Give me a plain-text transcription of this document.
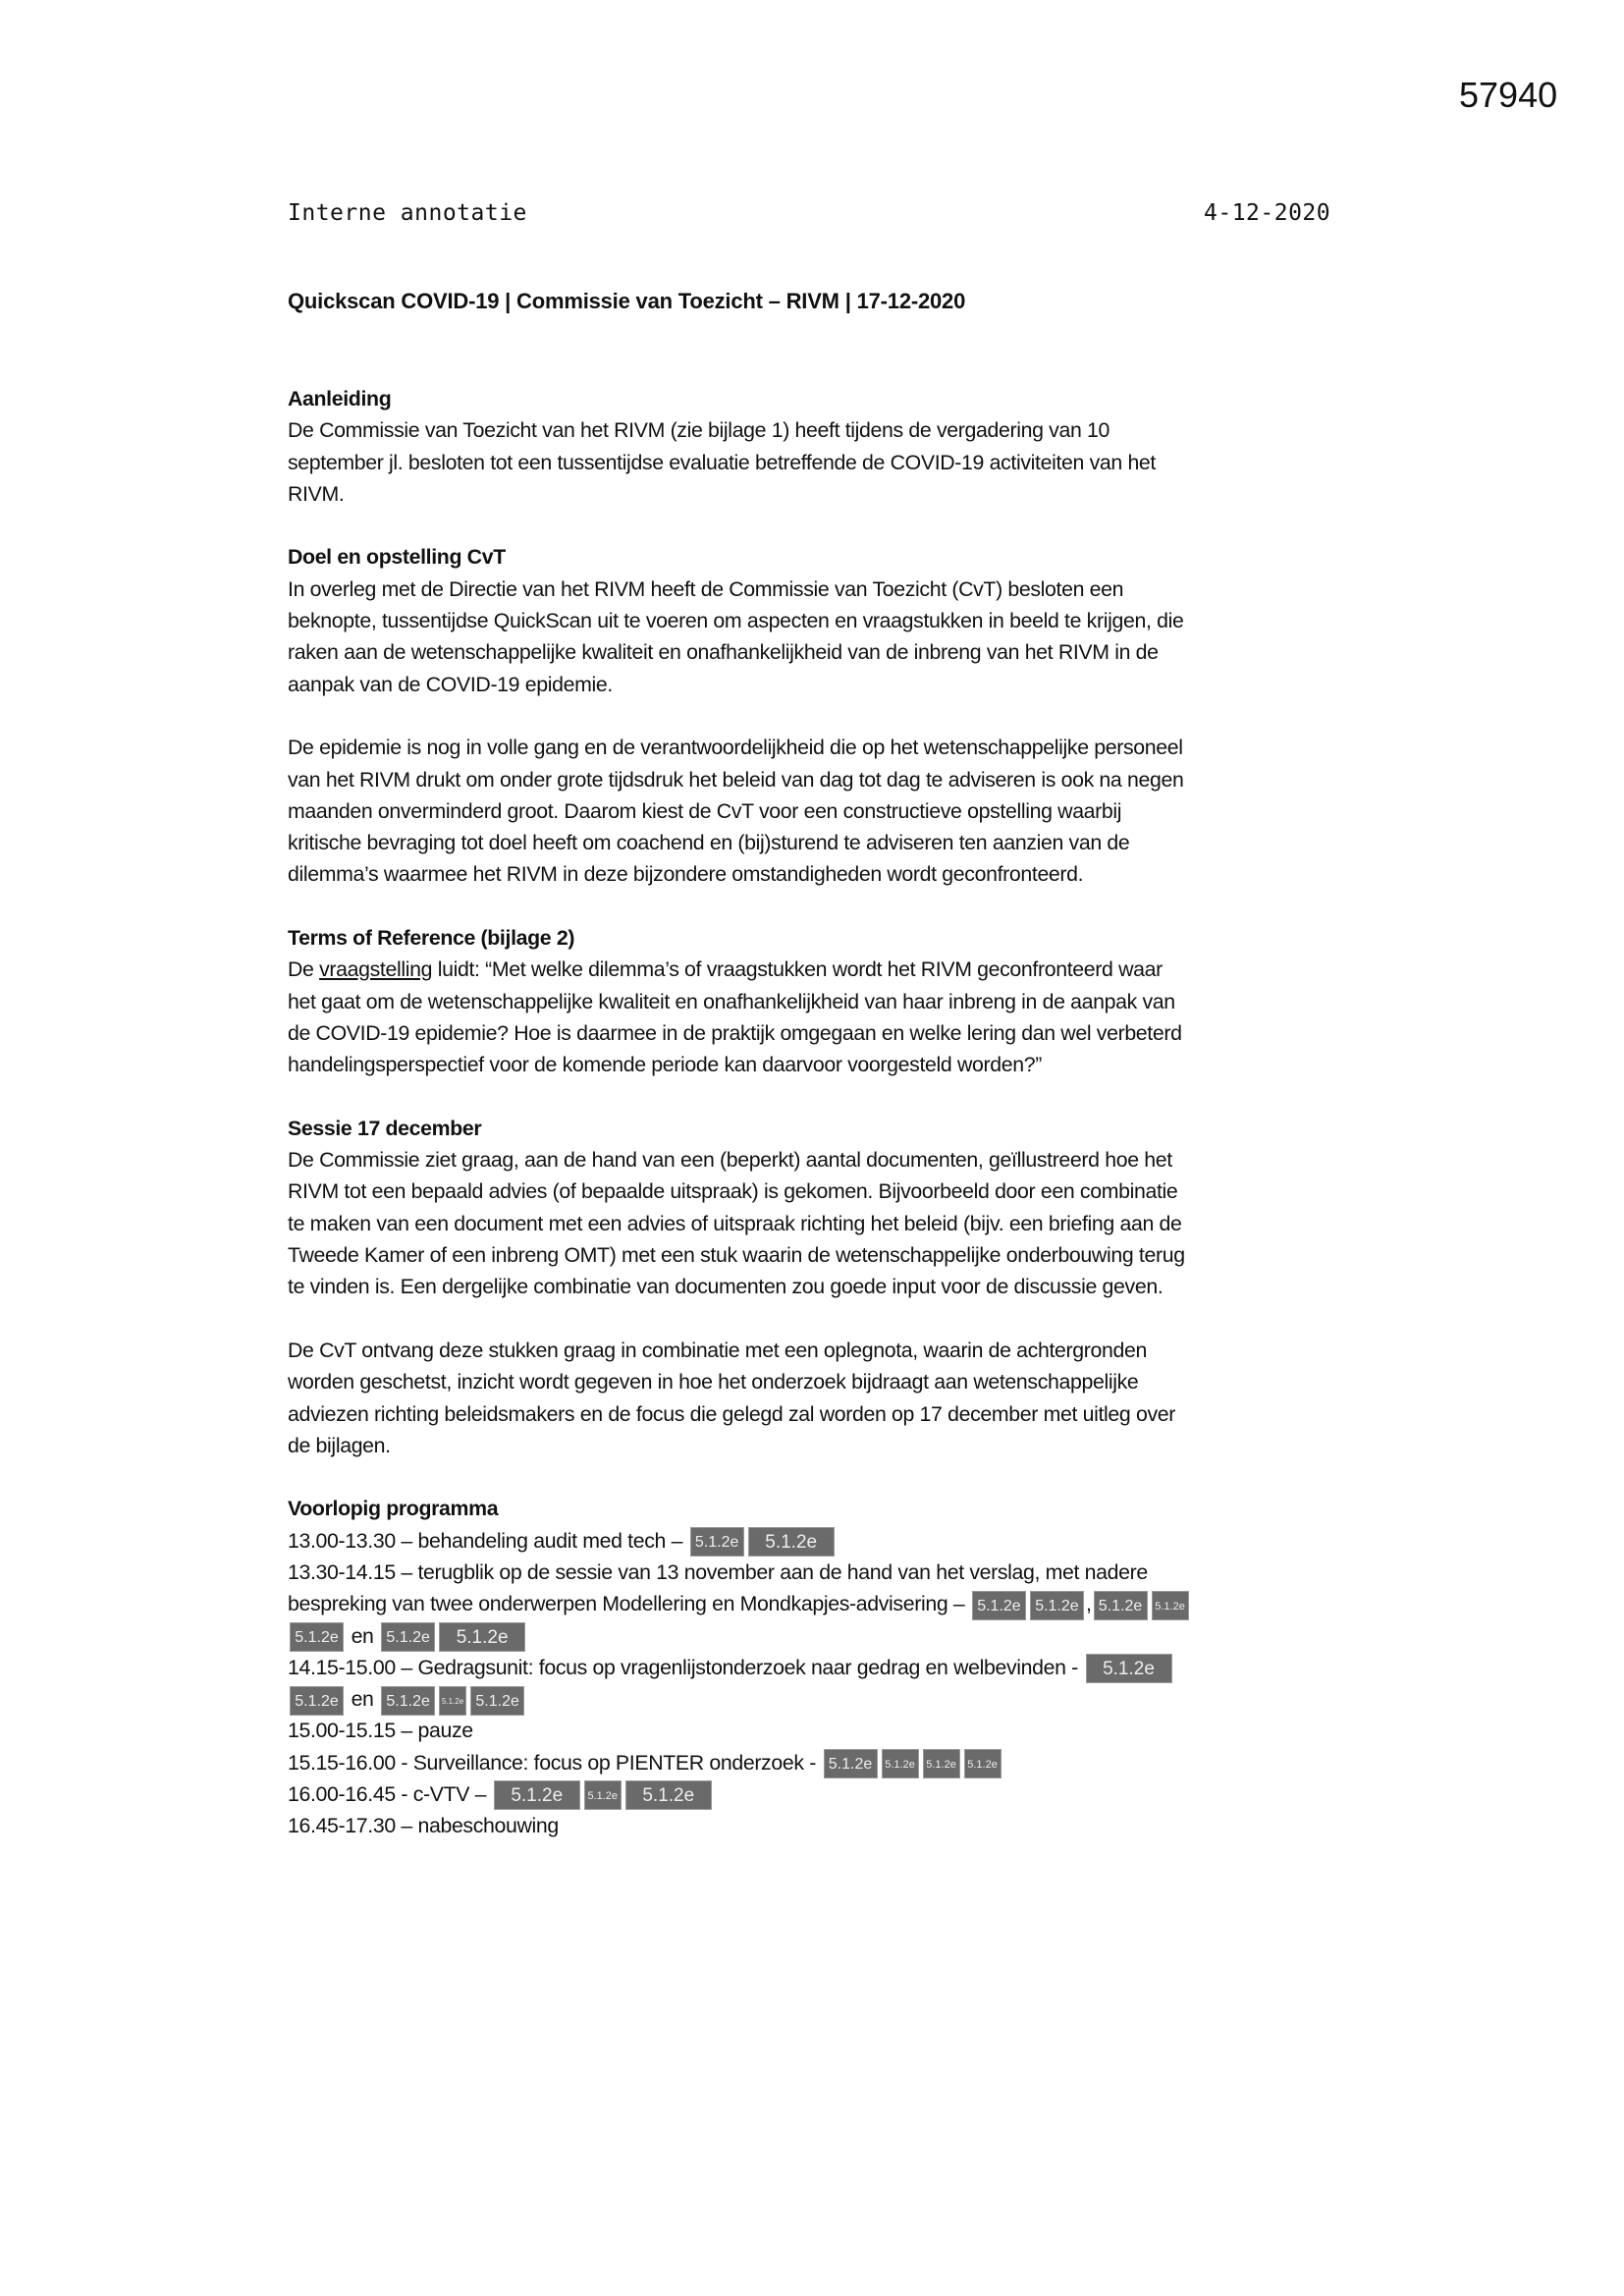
57940
Interne annotatie	4-12-2020
Quickscan COVID-19 | Commissie van Toezicht – RIVM | 17-12-2020
Aanleiding
De Commissie van Toezicht van het RIVM (zie bijlage 1) heeft tijdens de vergadering van 10
september jl. besloten tot een tussentijdse evaluatie betreffende de COVID-19 activiteiten van het
RIVM.
Doel en opstelling CvT
In overleg met de Directie van het RIVM heeft de Commissie van Toezicht (CvT) besloten een
beknopte, tussentijdse QuickScan uit te voeren om aspecten en vraagstukken in beeld te krijgen, die
raken aan de wetenschappelijke kwaliteit en onafhankelijkheid van de inbreng van het RIVM in de
aanpak van de COVID-19 epidemie.
De epidemie is nog in volle gang en de verantwoordelijkheid die op het wetenschappelijke personeel
van het RIVM drukt om onder grote tijdsdruk het beleid van dag tot dag te adviseren is ook na negen
maanden onverminderd groot. Daarom kiest de CvT voor een constructieve opstelling waarbij
kritische bevraging tot doel heeft om coachend en (bij)sturend te adviseren ten aanzien van de
dilemma’s waarmee het RIVM in deze bijzondere omstandigheden wordt geconfronteerd.
Terms of Reference (bijlage 2)
De vraagstelling luidt: “Met welke dilemma’s of vraagstukken wordt het RIVM geconfronteerd waar
het gaat om de wetenschappelijke kwaliteit en onafhankelijkheid van haar inbreng in de aanpak van
de COVID-19 epidemie? Hoe is daarmee in de praktijk omgegaan en welke lering dan wel verbeterd
handelingsperspectief voor de komende periode kan daarvoor voorgesteld worden?”
Sessie 17 december
De Commissie ziet graag, aan de hand van een (beperkt) aantal documenten, geïllustreerd hoe het
RIVM tot een bepaald advies (of bepaalde uitspraak) is gekomen. Bijvoorbeeld door een combinatie
te maken van een document met een advies of uitspraak richting het beleid (bijv. een briefing aan de
Tweede Kamer of een inbreng OMT) met een stuk waarin de wetenschappelijke onderbouwing terug
te vinden is. Een dergelijke combinatie van documenten zou goede input voor de discussie geven.
De CvT ontvang deze stukken graag in combinatie met een oplegnota, waarin de achtergronden
worden geschetst, inzicht wordt gegeven in hoe het onderzoek bijdraagt aan wetenschappelijke
adviezen richting beleidsmakers en de focus die gelegd zal worden op 17 december met uitleg over
de bijlagen.
Voorlopig programma
13.00-13.30 – behandeling audit med tech – 5.1.2e 5.1.2e
13.30-14.15 – terugblik op de sessie van 13 november aan de hand van het verslag, met nadere
bespreking van twee onderwerpen Modellering en Mondkapjes-advisering – 5.1.2e 5.1.2e , 5.1.2e 5.1.2e
5.1.2e en 5.1.2e 5.1.2e
14.15-15.00 – Gedragsunit: focus op vragenlijstonderzoek naar gedrag en welbevinden - 5.1.2e
5.1.2e en 5.1.2e 5.1.2e 5.1.2e
15.00-15.15 – pauze
15.15-16.00 - Surveillance: focus op PIENTER onderzoek - 5.1.2e 5.1.2e 5.1.2e 5.1.2e
16.00-16.45 - c-VTV – 5.1.2e 5.1.2e 5.1.2e
16.45-17.30 – nabeschouwing
